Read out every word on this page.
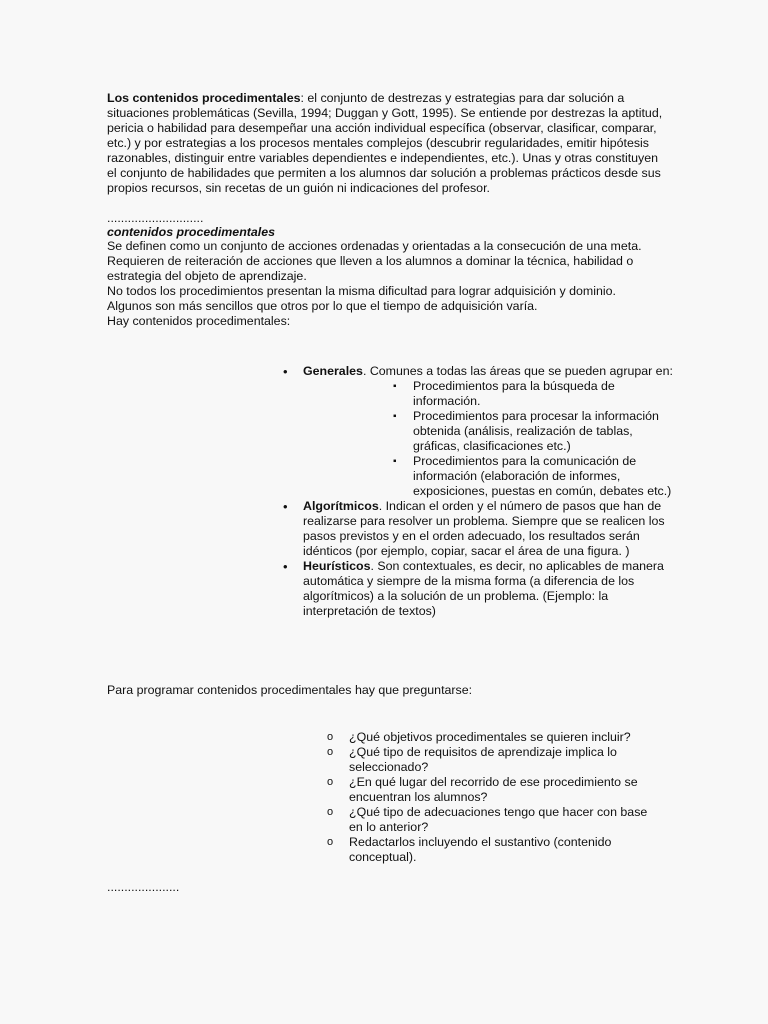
Los contenidos procedimentales: el conjunto de destrezas y estrategias para dar solución a situaciones problemáticas (Sevilla, 1994; Duggan y Gott, 1995). Se entiende por destrezas la aptitud, pericia o habilidad para desempeñar una acción individual específica (observar, clasificar, comparar, etc.) y por estrategias a los procesos mentales complejos (descubrir regularidades, emitir hipótesis razonables, distinguir entre variables dependientes e independientes, etc.). Unas y otras constituyen el conjunto de habilidades que permiten a los alumnos dar solución a problemas prácticos desde sus propios recursos, sin recetas de un guión ni indicaciones del profesor.

............................
contenidos procedimentales

Se definen como un conjunto de acciones ordenadas y orientadas a la consecución de una meta.

Requieren de reiteración de acciones que lleven a los alumnos a dominar la técnica, habilidad o estrategia del objeto de aprendizaje.

No todos los procedimientos presentan la misma dificultad para lograr adquisición y dominio.

Algunos son más sencillos que otros por lo que el tiempo de adquisición varía.

Hay contenidos procedimentales:

• Generales. Comunes a todas las áreas que se pueden agrupar en:
▪ Procedimientos para la búsqueda de información.
▪ Procedimientos para procesar la información obtenida (análisis, realización de tablas, gráficas, clasificaciones etc.)
▪ Procedimientos para la comunicación de información (elaboración de informes, exposiciones, puestas en común, debates etc.)
• Algorítmicos. Indican el orden y el número de pasos que han de realizarse para resolver un problema. Siempre que se realicen los pasos previstos y en el orden adecuado, los resultados serán idénticos (por ejemplo, copiar, sacar el área de una figura. )
• Heurísticos. Son contextuales, es decir, no aplicables de manera automática y siempre de la misma forma (a diferencia de los algorítmicos) a la solución de un problema. (Ejemplo: la interpretación de textos)

Para programar contenidos procedimentales hay que preguntarse:

o ¿Qué objetivos procedimentales se quieren incluir?
o ¿Qué tipo de requisitos de aprendizaje implica lo seleccionado?
o ¿En qué lugar del recorrido de ese procedimiento se encuentran los alumnos?
o ¿Qué tipo de adecuaciones tengo que hacer con base en lo anterior?
o Redactarlos incluyendo el sustantivo (contenido conceptual).
.....................
